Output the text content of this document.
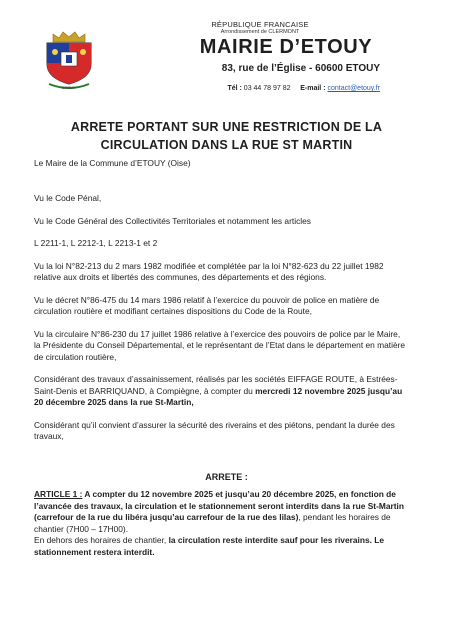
ETOUY
RÉPUBLIQUE FRANCAISE
Arrondissement de CLERMONT
MAIRIE D’ETOUY
83, rue de l’Église - 60600 ETOUY
Tél : 03 44 78 97 82 E-mail : contact@etouy.fr
ARRETE PORTANT SUR UNE RESTRICTION DE LA
CIRCULATION DANS LA RUE ST MARTIN

Le Maire de la Commune d’ETOUY (Oise)

Vu le Code Pénal,

Vu le Code Général des Collectivités Territoriales et notamment les articles

L 2211-1, L 2212-1, L 2213-1 et 2

Vu la loi N°82-213 du 2 mars 1982 modifiée et complétée par la loi N°82-623 du 22 juillet 1982 relative aux droits et libertés des communes, des départements et des régions.

Vu le décret N°86-475 du 14 mars 1986 relatif à l’exercice du pouvoir de police en matière de circulation routière et modifiant certaines dispositions du Code de la Route,

Vu la circulaire N°86-230 du 17 juillet 1986 relative à l’exercice des pouvoirs de police par le Maire, la Présidente du Conseil Départemental, et le représentant de l’Etat dans le département en matière de circulation routière,

Considérant des travaux d’assainissement, réalisés par les sociétés EIFFAGE ROUTE, à Estrées-Saint-Denis et BARRIQUAND, à Compiègne, à compter du mercredi 12 novembre 2025 jusqu’au 20 décembre 2025 dans la rue St-Martin,

Considérant qu’il convient d’assurer la sécurité des riverains et des piétons, pendant la durée des travaux,

ARRETE :

ARTICLE 1 : A compter du 12 novembre 2025 et jusqu’au 20 décembre 2025, en fonction de l’avancée des travaux, la circulation et le stationnement seront interdits dans la rue St-Martin (carrefour de la rue du libéra jusqu’au carrefour de la rue des lilas), pendant les horaires de chantier (7H00 – 17H00).

En dehors des horaires de chantier, la circulation reste interdite sauf pour les riverains. Le stationnement restera interdit.
